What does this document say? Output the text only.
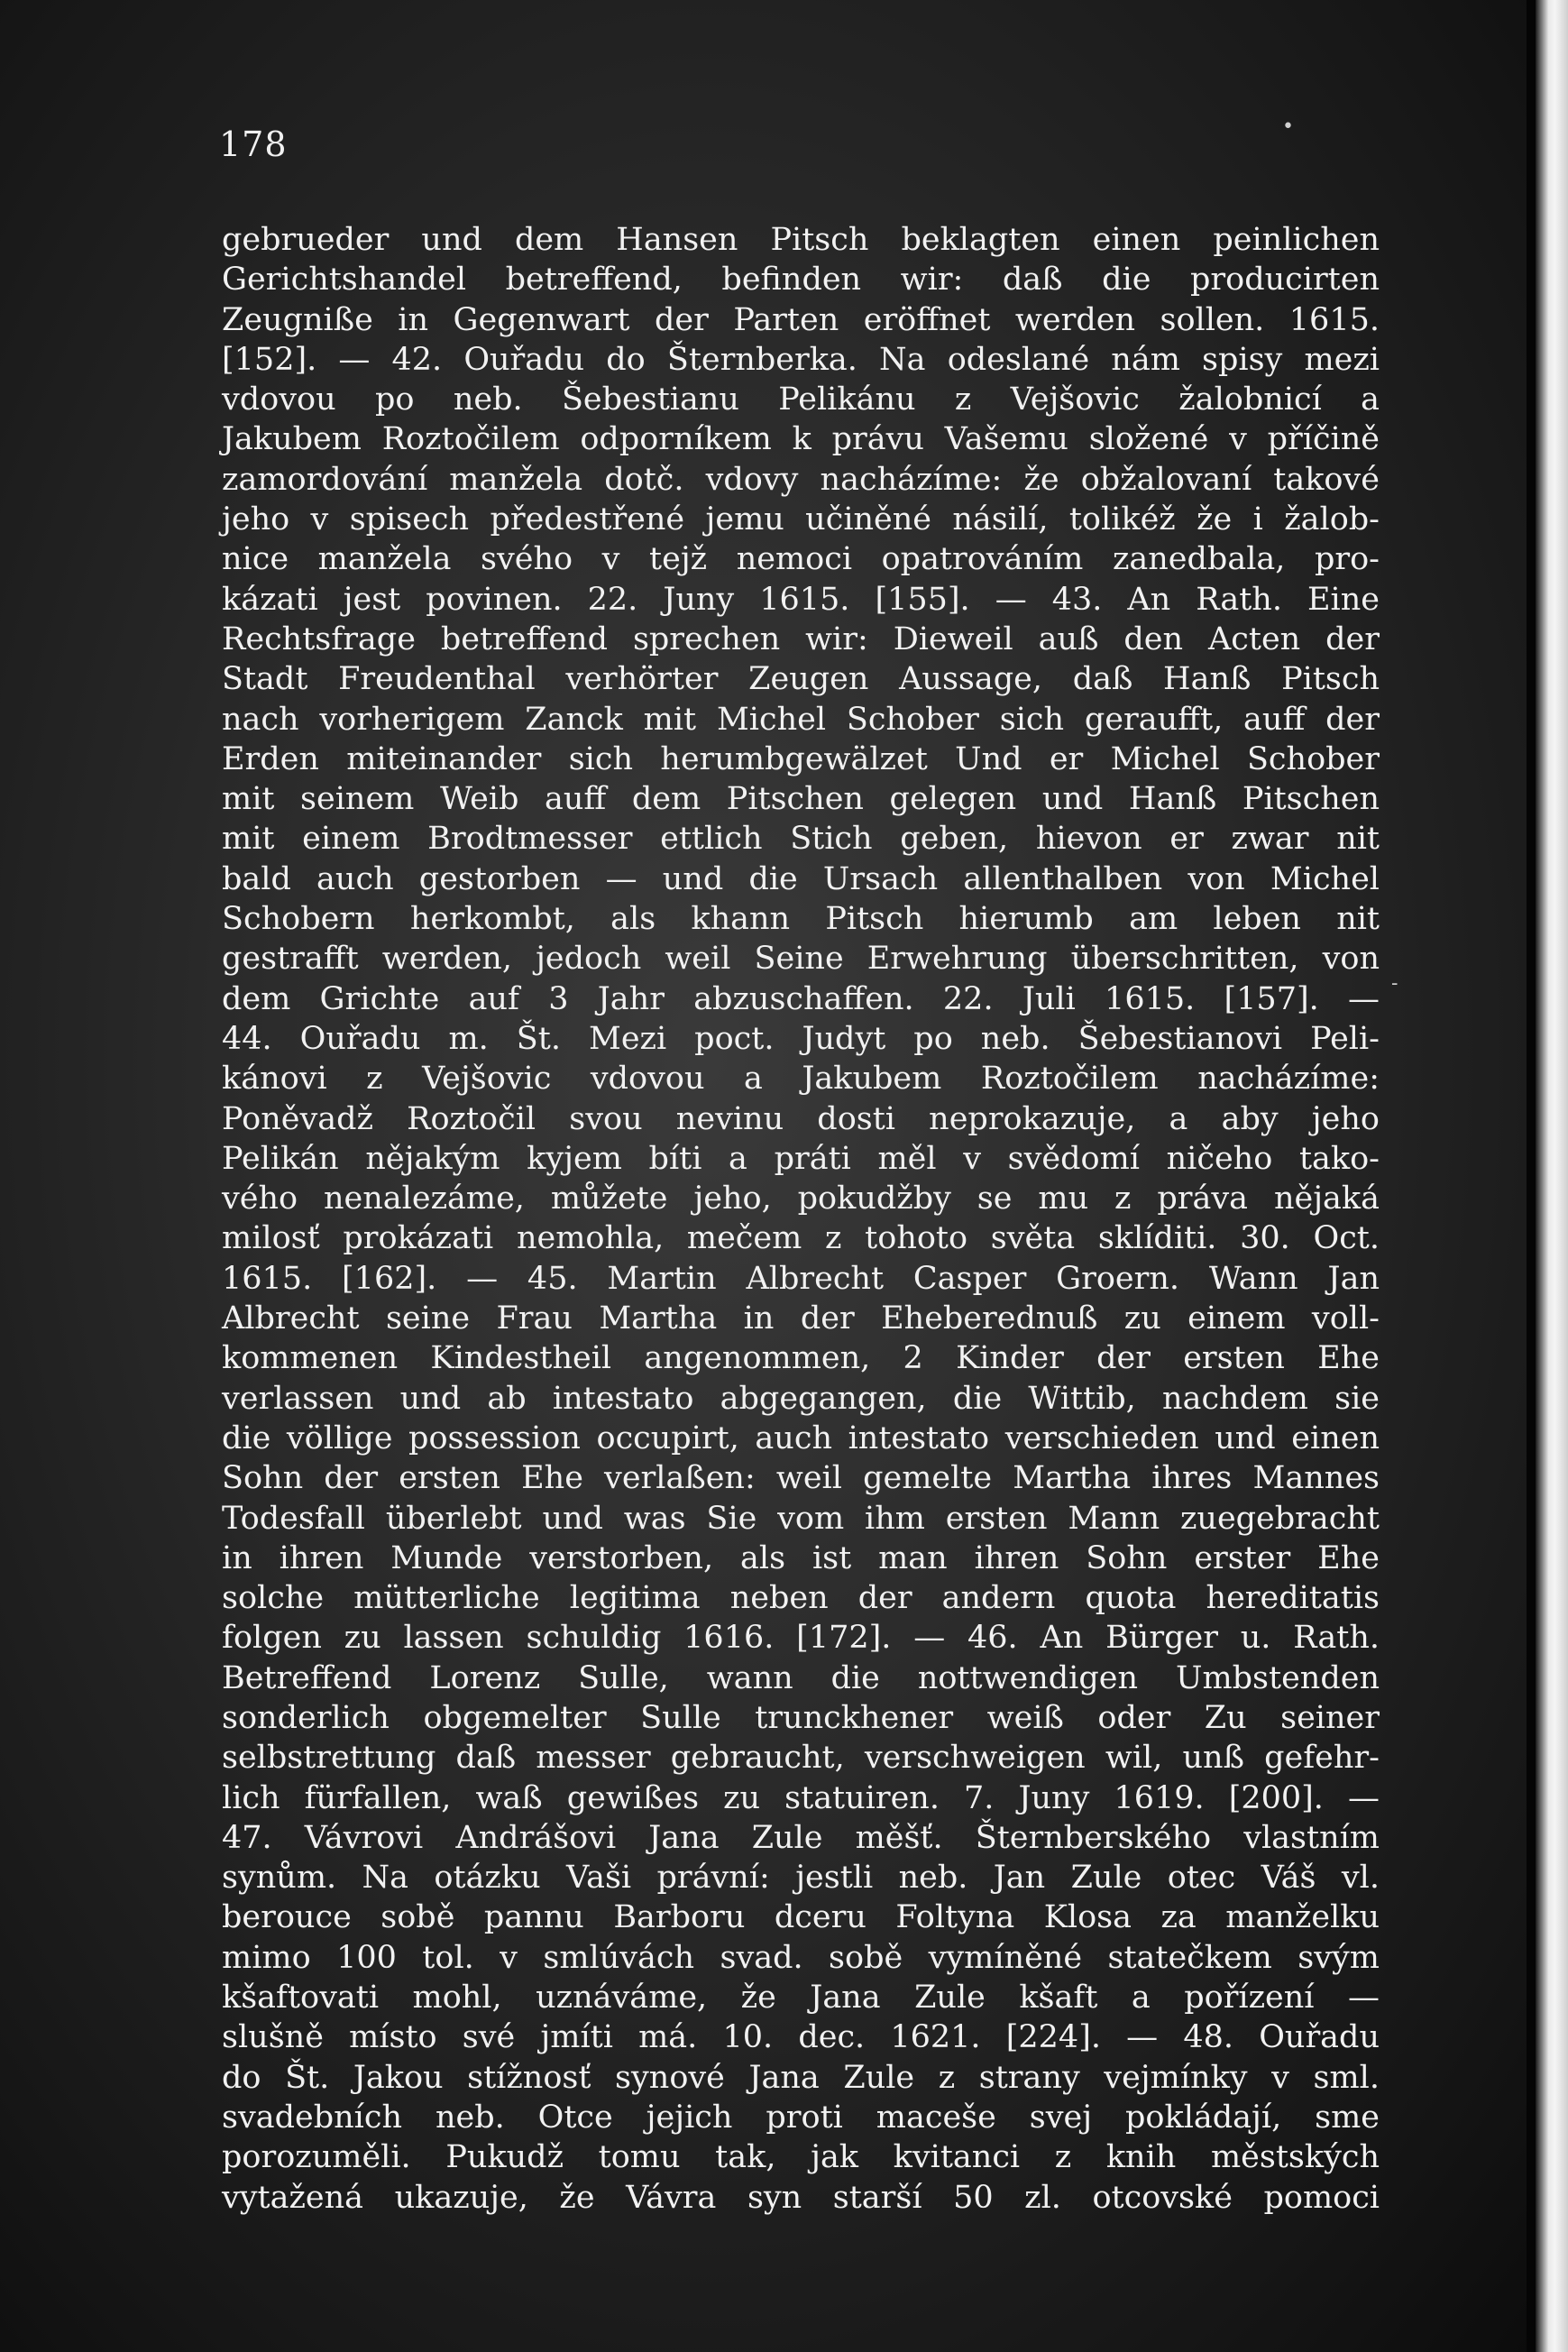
178	•
-
gebrueder und dem Hansen Pitsch beklagten einen peinlichen
Gerichtshandel betreffend, befinden wir: daß die producirten
Zeugniße in Gegenwart der Parten eröffnet werden sollen. 1615.
[152]. — 42. Ouřadu do Šternberka. Na odeslané nám spisy mezi
vdovou po neb. Šebestianu Pelikánu z Vejšovic žalobnicí a
Jakubem Roztočilem odporníkem k právu Vašemu složené v příčině
zamordování manžela dotč. vdovy nacházíme: že obžalovaní takové
jeho v spisech předestřené jemu učiněné násilí, tolikéž že i žalob-
nice manžela svého v tejž nemoci opatrováním zanedbala, pro-
kázati jest povinen. 22. Juny 1615. [155]. — 43. An Rath. Eine
Rechtsfrage betreffend sprechen wir: Dieweil auß den Acten der
Stadt Freudenthal verhörter Zeugen Aussage, daß Hanß Pitsch
nach vorherigem Zanck mit Michel Schober sich geraufft, auff der
Erden miteinander sich herumbgewälzet Und er Michel Schober
mit seinem Weib auff dem Pitschen gelegen und Hanß Pitschen
mit einem Brodtmesser ettlich Stich geben, hievon er zwar nit
bald auch gestorben — und die Ursach allenthalben von Michel
Schobern herkombt, als khann Pitsch hierumb am leben nit
gestrafft werden, jedoch weil Seine Erwehrung überschritten, von
dem Grichte auf 3 Jahr abzuschaffen. 22. Juli 1615. [157]. —
44. Ouřadu m. Št. Mezi poct. Judyt po neb. Šebestianovi Peli-
kánovi z Vejšovic vdovou a Jakubem Roztočilem nacházíme:
Poněvadž Roztočil svou nevinu dosti neprokazuje, a aby jeho
Pelikán nějakým kyjem bíti a práti měl v svědomí ničeho tako-
vého nenalezáme, můžete jeho, pokudžby se mu z práva nějaká
milosť prokázati nemohla, mečem z tohoto světa sklíditi. 30. Oct.
1615. [162]. — 45. Martin Albrecht Casper Groern. Wann Jan
Albrecht seine Frau Martha in der Eheberednuß zu einem voll-
kommenen Kindestheil angenommen, 2 Kinder der ersten Ehe
verlassen und ab intestato abgegangen, die Wittib, nachdem sie
die völlige possession occupirt, auch intestato verschieden und einen
Sohn der ersten Ehe verlaßen: weil gemelte Martha ihres Mannes
Todesfall überlebt und was Sie vom ihm ersten Mann zuegebracht
in ihren Munde verstorben, als ist man ihren Sohn erster Ehe
solche mütterliche legitima neben der andern quota hereditatis
folgen zu lassen schuldig 1616. [172]. — 46. An Bürger u. Rath.
Betreffend Lorenz Sulle, wann die nottwendigen Umbstenden
sonderlich obgemelter Sulle trunckhener weiß oder Zu seiner
selbstrettung daß messer gebraucht, verschweigen wil, unß gefehr-
lich fürfallen, waß gewißes zu statuiren. 7. Juny 1619. [200]. —
47. Vávrovi Andrášovi Jana Zule měšť. Šternberského vlastním
synům. Na otázku Vaši právní: jestli neb. Jan Zule otec Váš vl.
berouce sobě pannu Barboru dceru Foltyna Klosa za manželku
mimo 100 tol. v smlúvách svad. sobě vymíněné statečkem svým
kšaftovati mohl, uznáváme, že Jana Zule kšaft a pořízení —
slušně místo své jmíti má. 10. dec. 1621. [224]. — 48. Ouřadu
do Št. Jakou stížnosť synové Jana Zule z strany vejmínky v sml.
svadebních neb. Otce jejich proti maceše svej pokládají, sme
porozuměli. Pukudž tomu tak, jak kvitanci z knih městských
vytažená ukazuje, že Vávra syn starší 50 zl. otcovské pomoci
